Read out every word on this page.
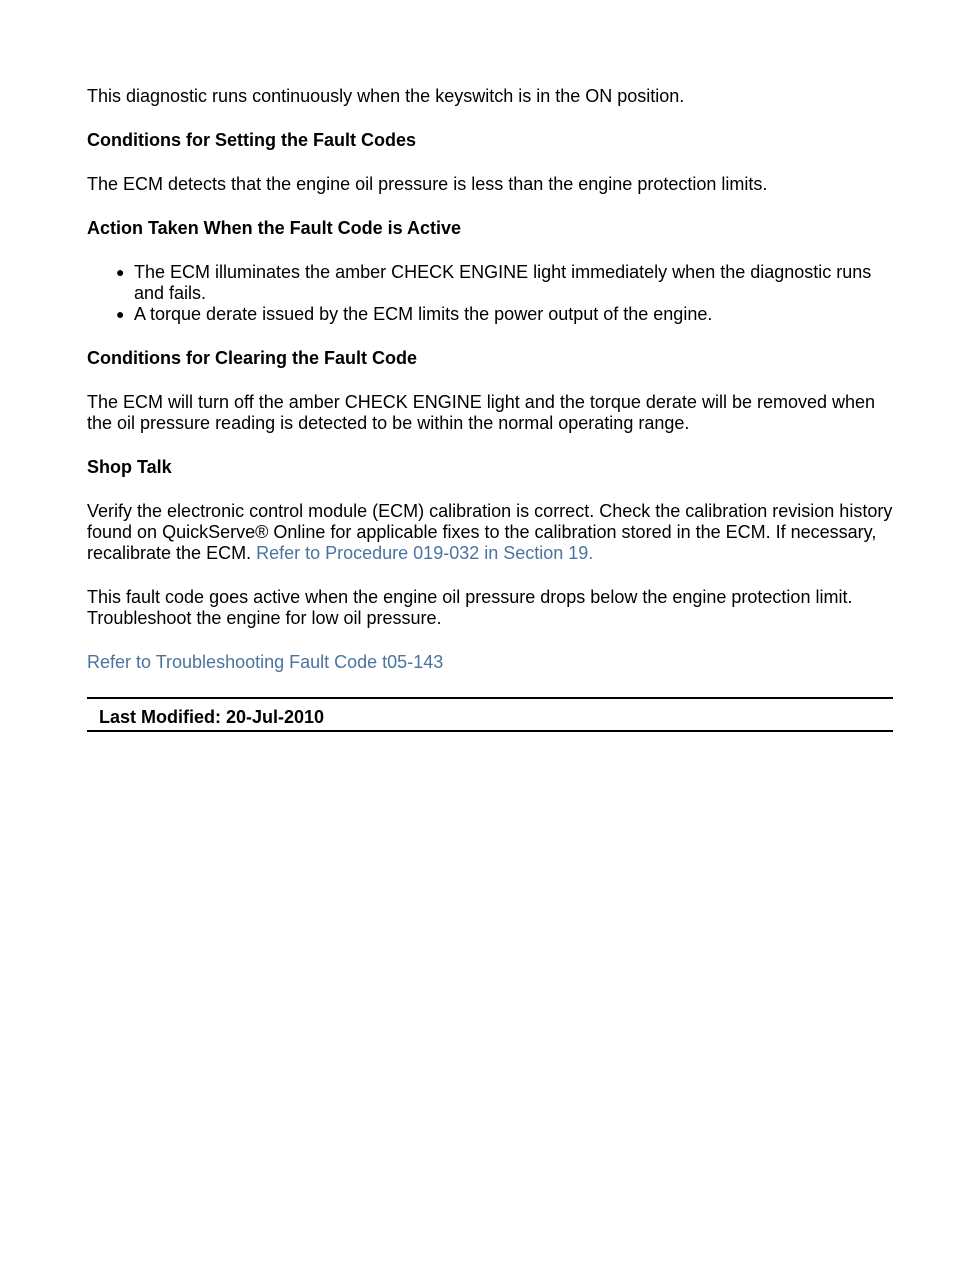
This diagnostic runs continuously when the keyswitch is in the ON position.

Conditions for Setting the Fault Codes

The ECM detects that the engine oil pressure is less than the engine protection limits.

Action Taken When the Fault Code is Active

● The ECM illuminates the amber CHECK ENGINE light immediately when the diagnostic runs and fails.
● A torque derate issued by the ECM limits the power output of the engine.

Conditions for Clearing the Fault Code

The ECM will turn off the amber CHECK ENGINE light and the torque derate will be removed when the oil pressure reading is detected to be within the normal operating range.

Shop Talk

Verify the electronic control module (ECM) calibration is correct. Check the calibration revision history found on QuickServe® Online for applicable fixes to the calibration stored in the ECM. If necessary, recalibrate the ECM. Refer to Procedure 019-032 in Section 19.

This fault code goes active when the engine oil pressure drops below the engine protection limit. Troubleshoot the engine for low oil pressure.

Refer to Troubleshooting Fault Code t05-143

Last Modified: 20-Jul-2010
